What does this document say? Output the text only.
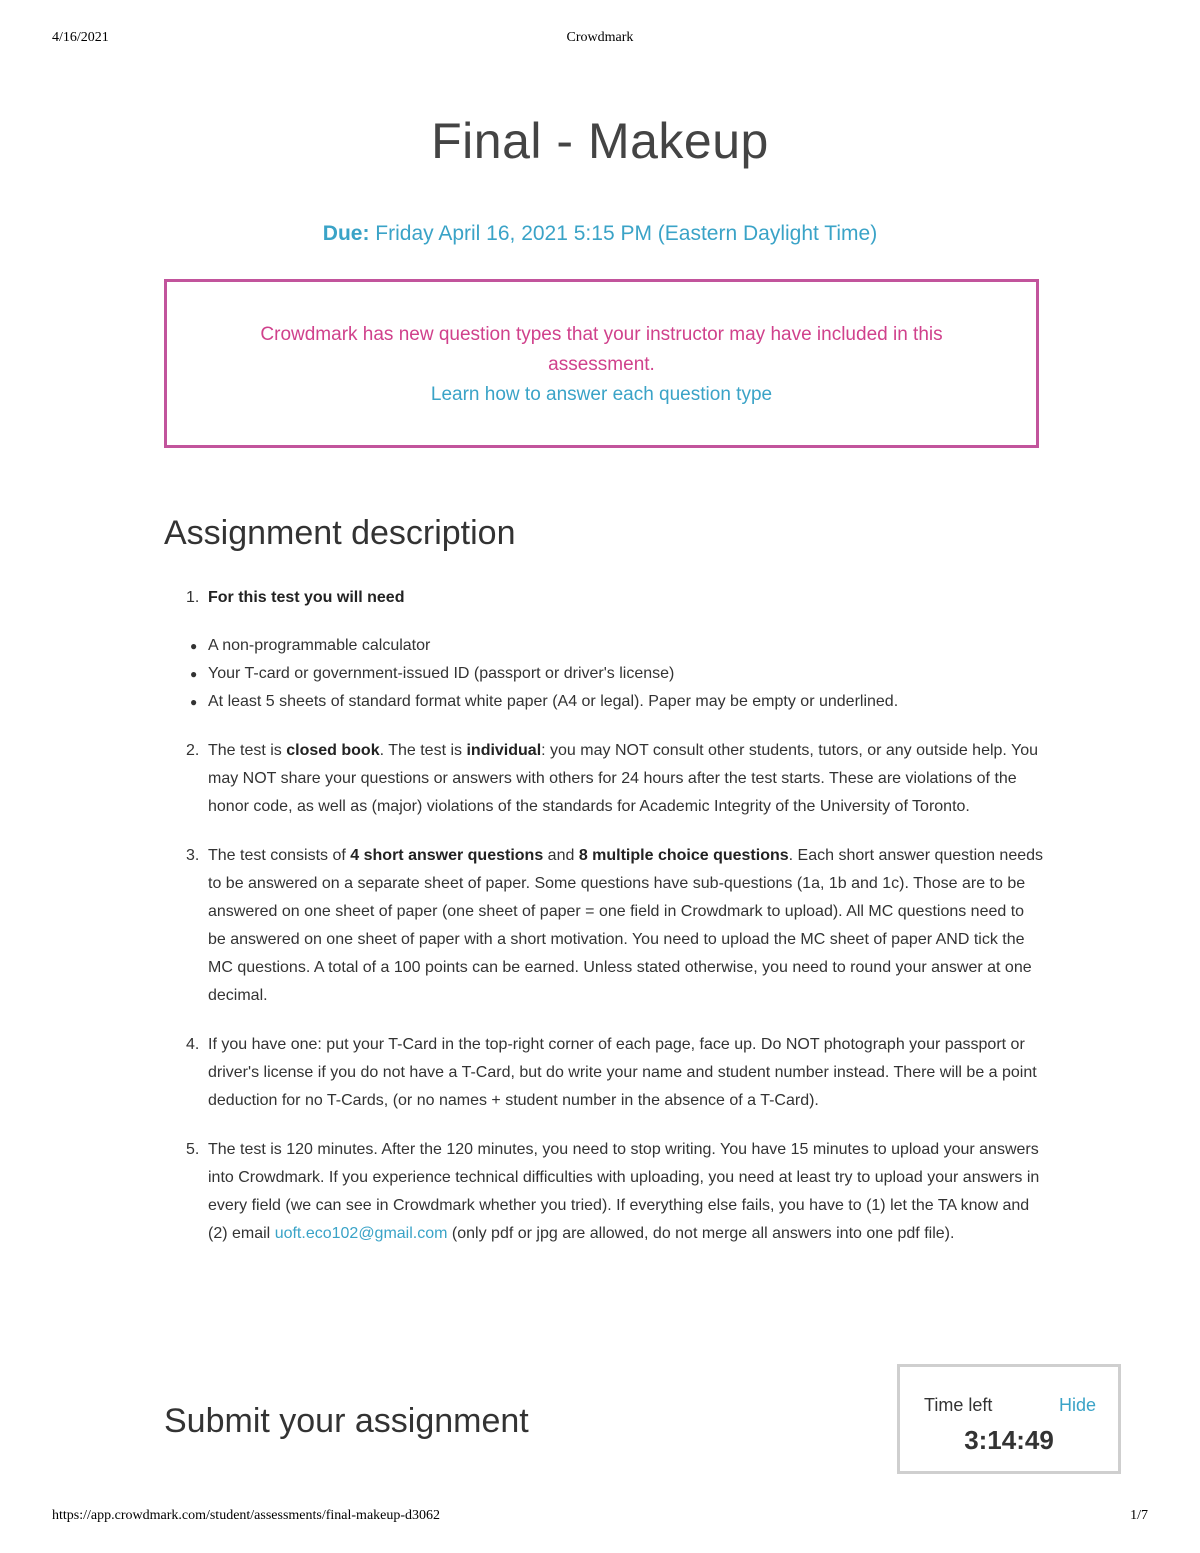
4/16/2021	Crowdmark
Final - Makeup
Due: Friday April 16, 2021 5:15 PM (Eastern Daylight Time)
Crowdmark has new question types that your instructor may have included in this assessment.
Learn how to answer each question type
Assignment description
1. For this test you will need
● A non-programmable calculator
● Your T-card or government-issued ID (passport or driver's license)
● At least 5 sheets of standard format white paper (A4 or legal). Paper may be empty or underlined.
2. The test is closed book. The test is individual: you may NOT consult other students, tutors, or any outside help. You may NOT share your questions or answers with others for 24 hours after the test starts. These are violations of the honor code, as well as (major) violations of the standards for Academic Integrity of the University of Toronto.
3. The test consists of 4 short answer questions and 8 multiple choice questions. Each short answer question needs to be answered on a separate sheet of paper. Some questions have sub-questions (1a, 1b and 1c). Those are to be answered on one sheet of paper (one sheet of paper = one field in Crowdmark to upload). All MC questions need to be answered on one sheet of paper with a short motivation. You need to upload the MC sheet of paper AND tick the MC questions. A total of a 100 points can be earned. Unless stated otherwise, you need to round your answer at one decimal.
4. If you have one: put your T-Card in the top-right corner of each page, face up. Do NOT photograph your passport or driver's license if you do not have a T-Card, but do write your name and student number instead. There will be a point deduction for no T-Cards, (or no names + student number in the absence of a T-Card).
5. The test is 120 minutes. After the 120 minutes, you need to stop writing. You have 15 minutes to upload your answers into Crowdmark. If you experience technical difficulties with uploading, you need at least try to upload your answers in every field (we can see in Crowdmark whether you tried). If everything else fails, you have to (1) let the TA know and (2) email uoft.eco102@gmail.com (only pdf or jpg are allowed, do not merge all answers into one pdf file).
Submit your assignment	Time left	Hide
3:14:49
https://app.crowdmark.com/student/assessments/final-makeup-d3062	1/7
